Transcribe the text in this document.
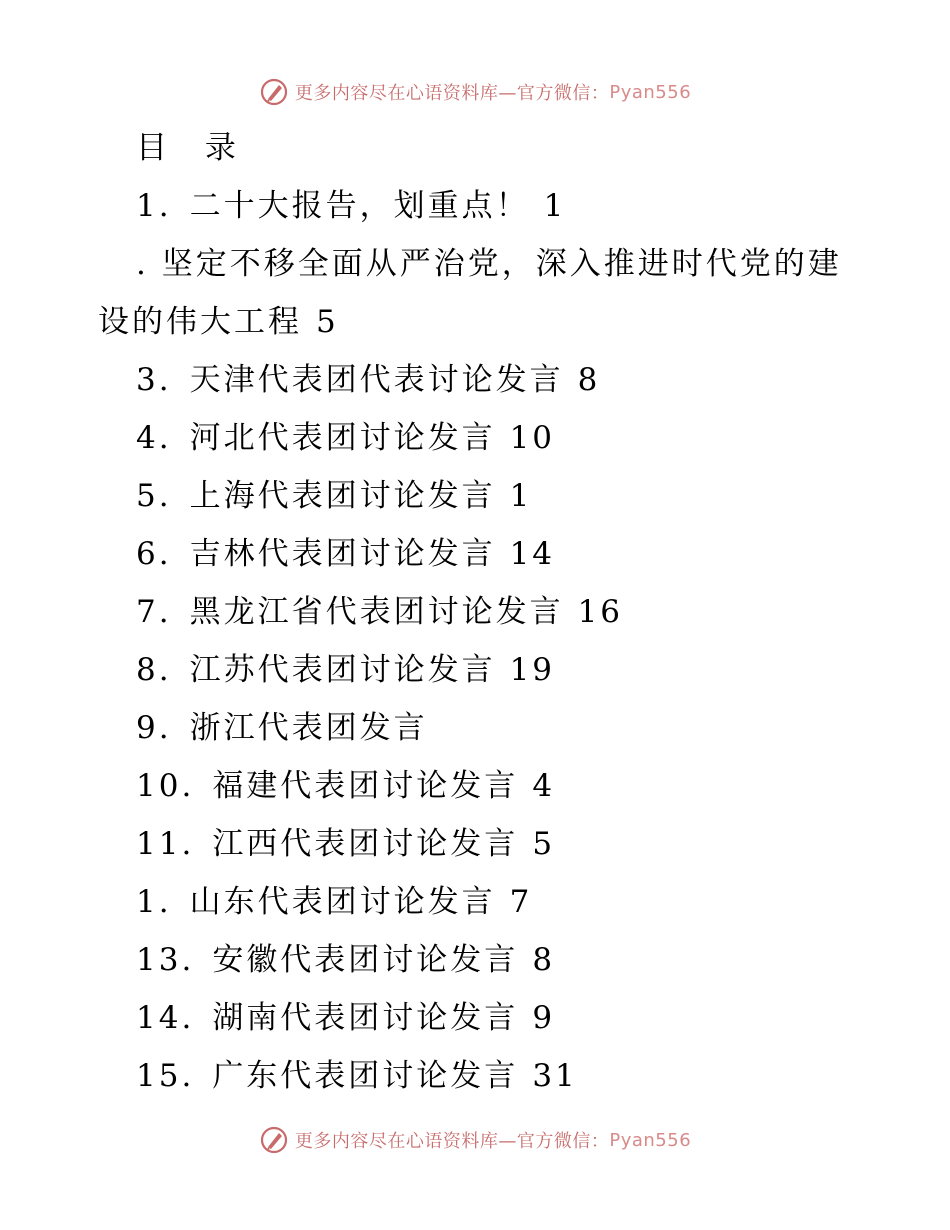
更多内容尽在心语资料库—官方微信： Pyan556
目 录
1. 二十大报告，划重点！ 1
. 坚定不移全面从严治党，深入推进时代党的建
设的伟大工程 5
3. 天津代表团代表讨论发言 8
4. 河北代表团讨论发言 10
5. 上海代表团讨论发言 1
6. 吉林代表团讨论发言 14
7. 黑龙江省代表团讨论发言 16
8. 江苏代表团讨论发言 19
9. 浙江代表团发言
10. 福建代表团讨论发言 4
11. 江西代表团讨论发言 5
1. 山东代表团讨论发言 7
13. 安徽代表团讨论发言 8
14. 湖南代表团讨论发言 9
15. 广东代表团讨论发言 31
更多内容尽在心语资料库—官方微信： Pyan556
